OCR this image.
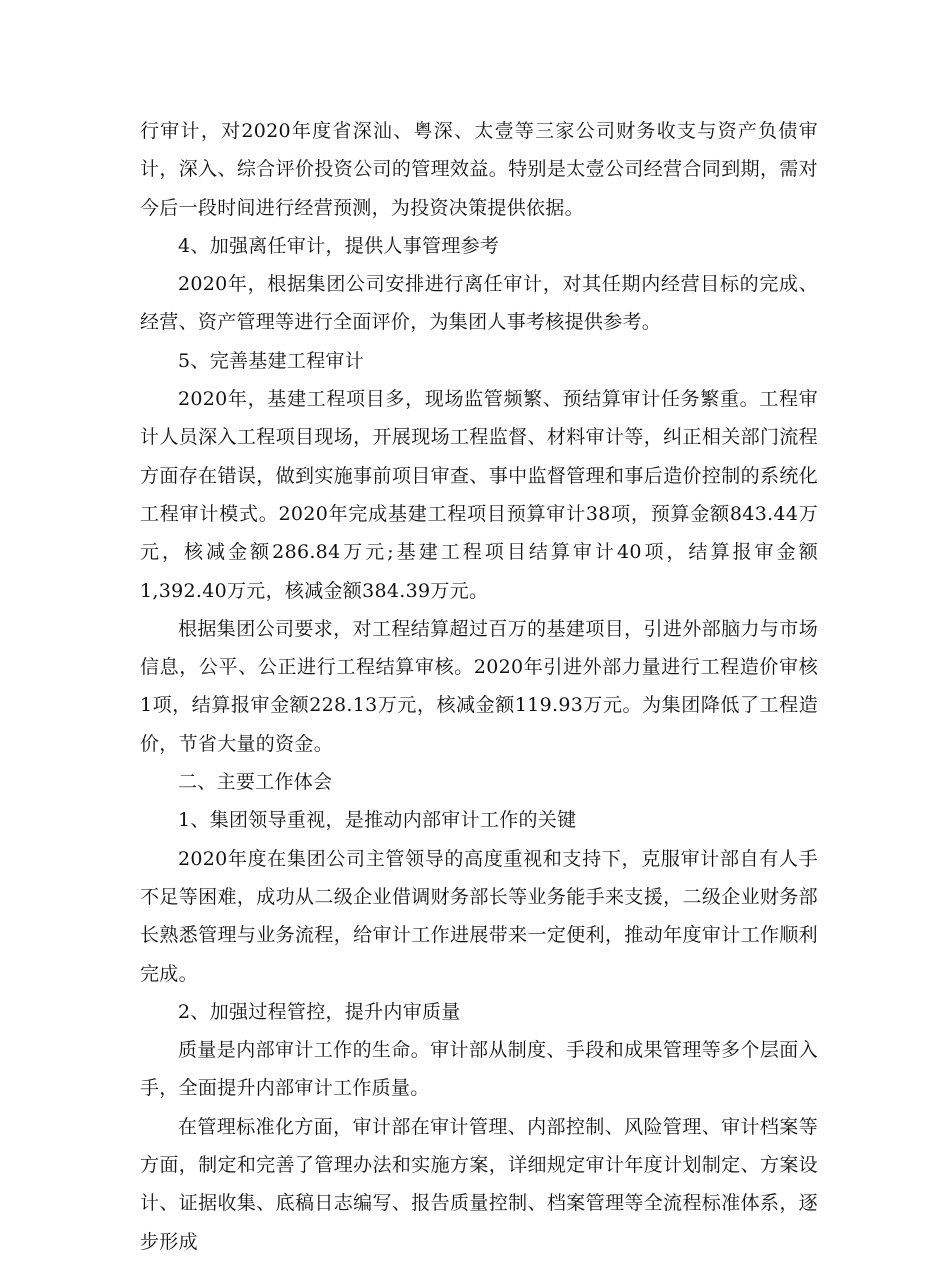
行审计，对2020年度省深汕、粤深、太壹等三家公司财务收支与资产负债审计，深入、综合评价投资公司的管理效益。特别是太壹公司经营合同到期，需对今后一段时间进行经营预测，为投资决策提供依据。

4、加强离任审计，提供人事管理参考

2020年，根据集团公司安排进行离任审计，对其任期内经营目标的完成、经营、资产管理等进行全面评价，为集团人事考核提供参考。

5、完善基建工程审计

2020年，基建工程项目多，现场监管频繁、预结算审计任务繁重。工程审计人员深入工程项目现场，开展现场工程监督、材料审计等，纠正相关部门流程方面存在错误，做到实施事前项目审查、事中监督管理和事后造价控制的系统化工程审计模式。2020年完成基建工程项目预算审计38项，预算金额843.44万元，核减金额286.84万元;基建工程项目结算审计40项，结算报审金额1,392.40万元，核减金额384.39万元。

根据集团公司要求，对工程结算超过百万的基建项目，引进外部脑力与市场信息，公平、公正进行工程结算审核。2020年引进外部力量进行工程造价审核1项，结算报审金额228.13万元，核减金额119.93万元。为集团降低了工程造价，节省大量的资金。

二、主要工作体会

1、集团领导重视，是推动内部审计工作的关键

2020年度在集团公司主管领导的高度重视和支持下，克服审计部自有人手不足等困难，成功从二级企业借调财务部长等业务能手来支援，二级企业财务部长熟悉管理与业务流程，给审计工作进展带来一定便利，推动年度审计工作顺利完成。

2、加强过程管控，提升内审质量

质量是内部审计工作的生命。审计部从制度、手段和成果管理等多个层面入手，全面提升内部审计工作质量。

在管理标准化方面，审计部在审计管理、内部控制、风险管理、审计档案等方面，制定和完善了管理办法和实施方案，详细规定审计年度计划制定、方案设计、证据收集、底稿日志编写、报告质量控制、档案管理等全流程标准体系，逐步形成
